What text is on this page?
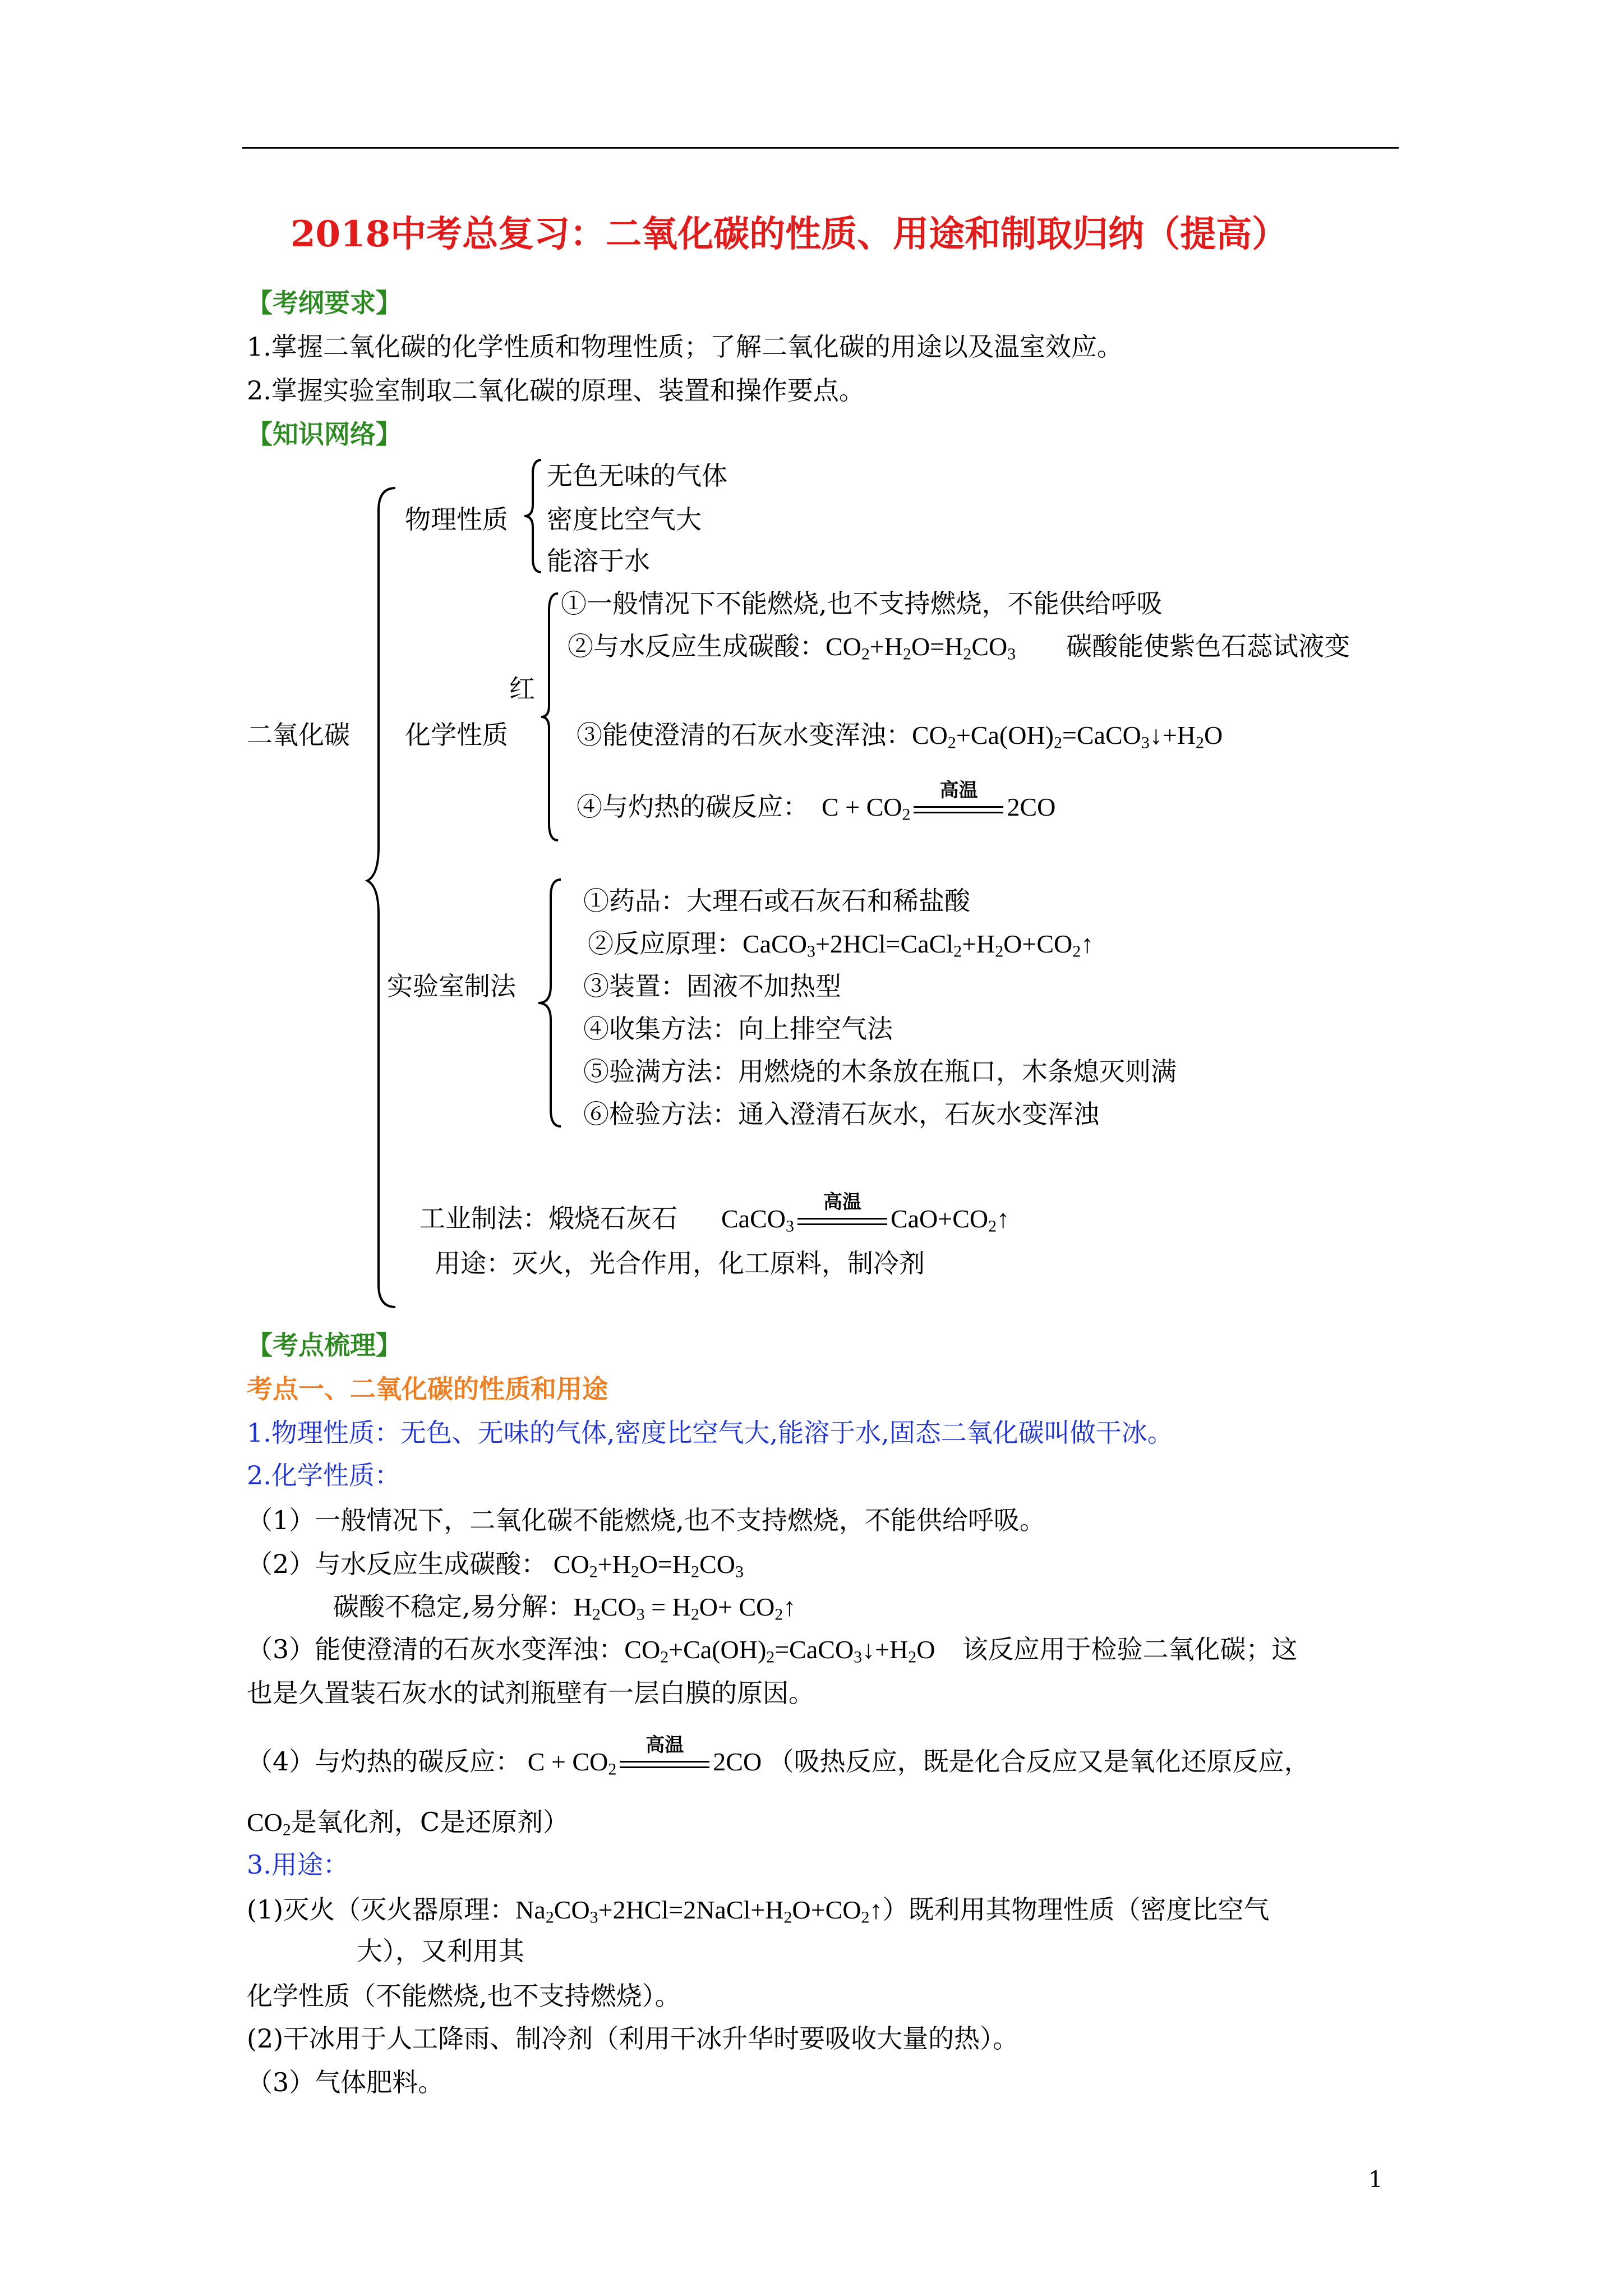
2018中考总复习：二氧化碳的性质、用途和制取归纳（提高）
【考纲要求】
1.掌握二氧化碳的化学性质和物理性质；了解二氧化碳的用途以及温室效应。
2.掌握实验室制取二氧化碳的原理、装置和操作要点。
【知识网络】
二氧化碳
物理性质
无色无味的气体
密度比空气大
能溶于水
化学性质
①一般情况下不能燃烧,也不支持燃烧，不能供给呼吸
②与水反应生成碳酸：$CO_2+H_2O=H_2CO_3$ 碳酸能使紫色石蕊试液变
红
③能使澄清的石灰水变浑浊：$CO_2+Ca(OH)_2=CaCO_3↓+H_2O$
④与灼热的碳反应：  $C + CO_2$
高温
2CO
实验室制法
①药品：大理石或石灰石和稀盐酸
②反应原理：$CaCO_3+2HCl=CaCl_2+H_2O+CO_2↑$
③装置：固液不加热型
④收集方法：向上排空气法
⑤验满方法：用燃烧的木条放在瓶口，木条熄灭则满
⑥检验方法：通入澄清石灰水，石灰水变浑浊
工业制法：煅烧石灰石 CaCO$_3$
高温
$CaO+CO_2↑$
用途：灭火，光合作用，化工原料，制冷剂
【考点梳理】
考点一、二氧化碳的性质和用途
1.物理性质：无色、无味的气体,密度比空气大,能溶于水,固态二氧化碳叫做干冰。
2.化学性质：
（1）一般情况下，二氧化碳不能燃烧,也不支持燃烧，不能供给呼吸。
（2）与水反应生成碳酸： $CO_2+H_2O=H_2CO_3$
碳酸不稳定,易分解：$H_2CO_3 = H_2O+$ $CO_2↑$
（3）能使澄清的石灰水变浑浊：$CO_2+Ca(OH)_2=CaCO_3↓+H_2O$ 该反应用于检验二氧化碳；这
也是久置装石灰水的试剂瓶壁有一层白膜的原因。
（4）与灼热的碳反应： $C + CO_2$
高温
2CO （吸热反应，既是化合反应又是氧化还原反应，
$CO_2$是氧化剂，C是还原剂）
3.用途：
(1)灭火（灭火器原理：$Na_2CO_3+2HCl=2NaCl+H_2O+CO_2↑$）既利用其物理性质（密度比空气
大），又利用其
化学性质（不能燃烧,也不支持燃烧）。
(2)干冰用于人工降雨、制冷剂（利用干冰升华时要吸收大量的热）。
（3）气体肥料。
1
